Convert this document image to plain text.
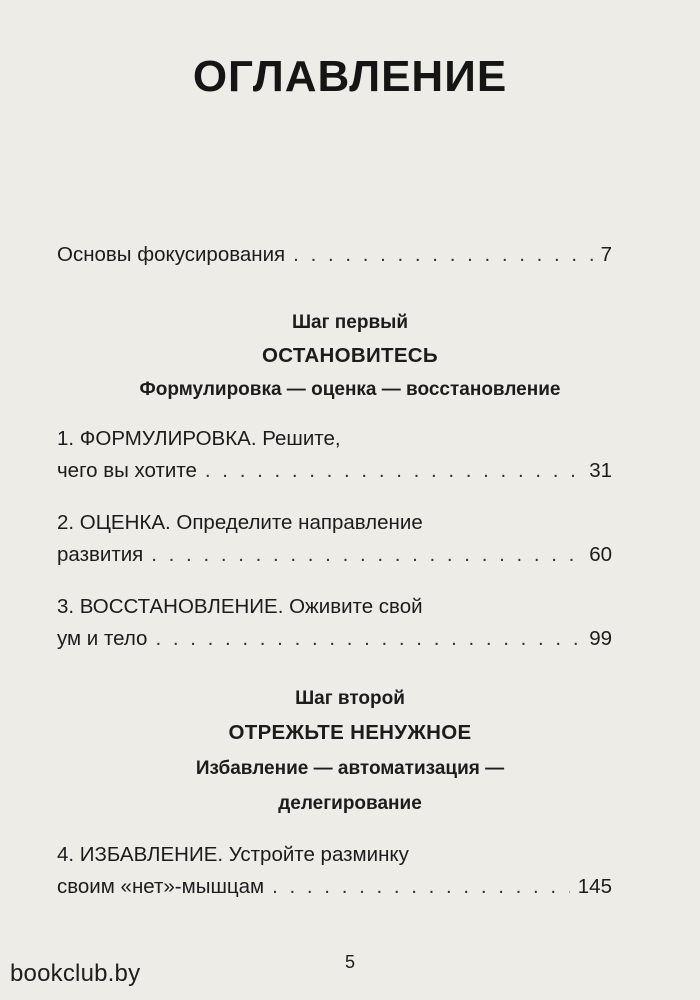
ОГЛАВЛЕНИЕ
Основы фокусирования . . .	7
Шаг первый
ОСТАНОВИТЕСЬ
Формулировка — оценка — восстановление
1. ФОРМУЛИРОВКА. Решите,
чего вы хотите . . .	31
2. ОЦЕНКА. Определите направление
развития . . .	60
3. ВОССТАНОВЛЕНИЕ. Оживите свой
ум и тело . . .	99
Шаг второй
ОТРЕЖЬТЕ НЕНУЖНОЕ
Избавление — автоматизация —
делегирование
4. ИЗБАВЛЕНИЕ. Устройте разминку
своим «нет»-мышцам . . .	145
5
bookclub.by
